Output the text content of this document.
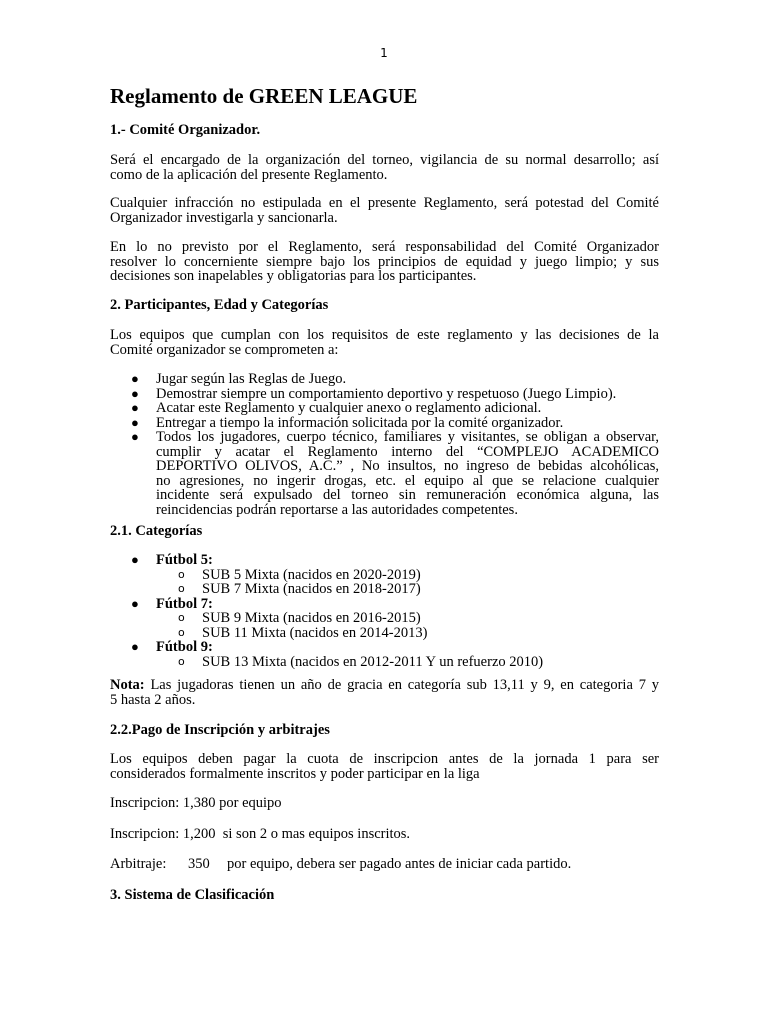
1
Reglamento de GREEN LEAGUE
1.- Comité Organizador.
Será el encargado de la organización del torneo, vigilancia de su normal desarrollo; así
como de la aplicación del presente Reglamento.
Cualquier infracción no estipulada en el presente Reglamento, será potestad del Comité
Organizador investigarla y sancionarla.
En lo no previsto por el Reglamento, será responsabilidad del Comité Organizador
resolver lo concerniente siempre bajo los principios de equidad y juego limpio; y sus
decisiones son inapelables y obligatorias para los participantes.
2. Participantes, Edad y Categorías
Los equipos que cumplan con los requisitos de este reglamento y las decisiones de la
Comité organizador se comprometen a:
● Jugar según las Reglas de Juego.
● Demostrar siempre un comportamiento deportivo y respetuoso (Juego Limpio).
● Acatar este Reglamento y cualquier anexo o reglamento adicional.
● Entregar a tiempo la información solicitada por la comité organizador.
● Todos los jugadores, cuerpo técnico, familiares y visitantes, se obligan a observar,
cumplir y acatar el Reglamento interno del “COMPLEJO ACADEMICO
DEPORTIVO OLIVOS, A.C.” , No insultos, no ingreso de bebidas alcohólicas,
no agresiones, no ingerir drogas, etc. el equipo al que se relacione cualquier
incidente será expulsado del torneo sin remuneración económica alguna, las
reincidencias podrán reportarse a las autoridades competentes.
2.1. Categorías
● Fútbol 5:
o SUB 5 Mixta (nacidos en 2020-2019)
o SUB 7 Mixta (nacidos en 2018-2017)
● Fútbol 7:
o SUB 9 Mixta (nacidos en 2016-2015)
o SUB 11 Mixta (nacidos en 2014-2013)
● Fútbol 9:
o SUB 13 Mixta (nacidos en 2012-2011 Y un refuerzo 2010)
Nota: Las jugadoras tienen un año de gracia en categoría sub 13,11 y 9, en categoria 7 y
5 hasta 2 años.
2.2.Pago de Inscripción y arbitrajes
Los equipos deben pagar la cuota de inscripcion antes de la jornada 1 para ser
considerados formalmente inscritos y poder participar en la liga
Inscripcion: 1,380 por equipo
Inscripcion: 1,200  si son 2 o mas equipos inscritos.
Arbitraje: 350 por equipo, debera ser pagado antes de iniciar cada partido.
3. Sistema de Clasificación
